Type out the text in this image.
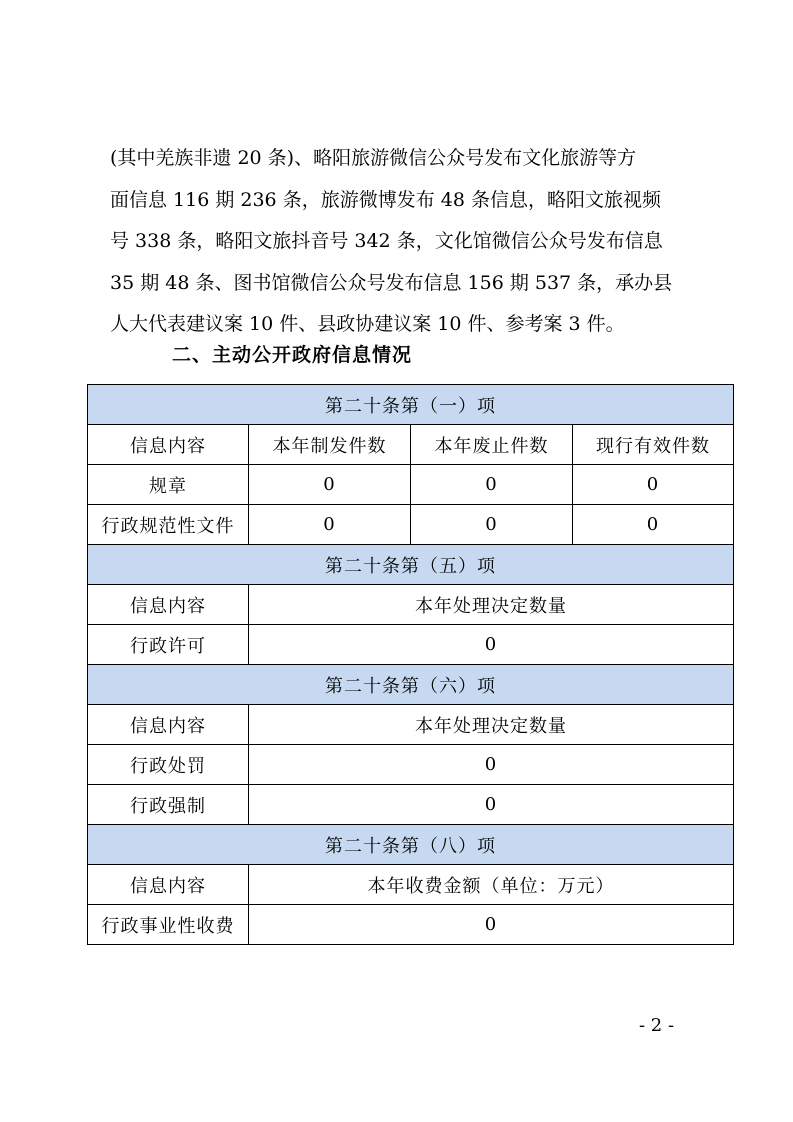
(其中羌族非遗 20 条)、略阳旅游微信公众号发布文化旅游等方
面信息 116 期 236 条，旅游微博发布 48 条信息，略阳文旅视频
号 338 条，略阳文旅抖音号 342 条，文化馆微信公众号发布信息
35 期 48 条、图书馆微信公众号发布信息 156 期 537 条，承办县
人大代表建议案 10 件、县政协建议案 10 件、参考案 3 件。
二、主动公开政府信息情况
第二十条第（一）项			
信息内容	本年制发件数	本年废止件数	现行有效件数
规章	0	0	0
行政规范性文件	0	0	0
第二十条第（五）项			
信息内容	本年处理决定数量		
行政许可	0		
第二十条第（六）项			
信息内容	本年处理决定数量		
行政处罚	0		
行政强制	0		
第二十条第（八）项			
信息内容	本年收费金额（单位：万元）		
行政事业性收费	0		
- 2 -
